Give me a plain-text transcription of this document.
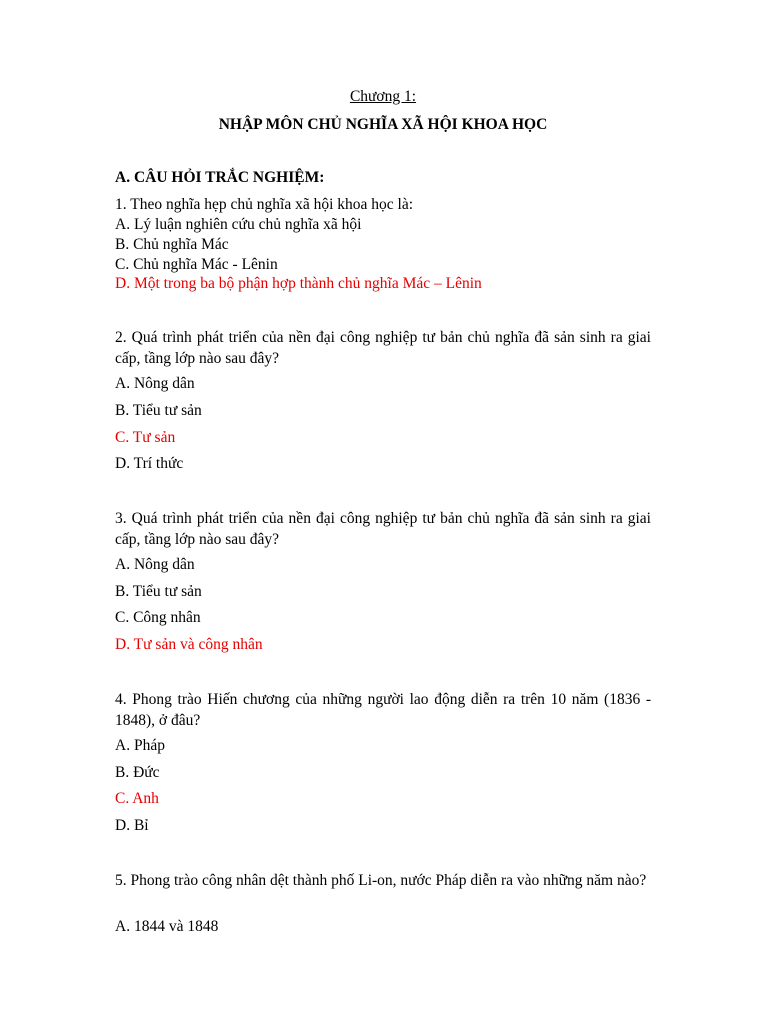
Chương 1:
NHẬP MÔN CHỦ NGHĨA XÃ HỘI KHOA HỌC
A. CÂU HỎI TRẮC NGHIỆM:
1. Theo nghĩa hẹp chủ nghĩa xã hội khoa học là:
A. Lý luận nghiên cứu chủ nghĩa xã hội
B. Chủ nghĩa Mác
C. Chủ nghĩa Mác - Lênin
D. Một trong ba bộ phận hợp thành chủ nghĩa Mác – Lênin
2. Quá trình phát triển của nền đại công nghiệp tư bản chủ nghĩa đã sản sinh ra giai cấp, tầng lớp nào sau đây?
A. Nông dân
B. Tiểu tư sản
C. Tư sản
D. Trí thức
3. Quá trình phát triển của nền đại công nghiệp tư bản chủ nghĩa đã sản sinh ra giai cấp, tầng lớp nào sau đây?
A. Nông dân
B. Tiểu tư sản
C. Công nhân
D. Tư sản và công nhân
4. Phong trào Hiến chương của những người lao động diễn ra trên 10 năm (1836 - 1848), ở đâu?
A. Pháp
B. Đức
C. Anh
D. Bỉ
5. Phong trào công nhân dệt thành phố Li-on, nước Pháp diễn ra vào những năm nào?
A. 1844 và 1848
